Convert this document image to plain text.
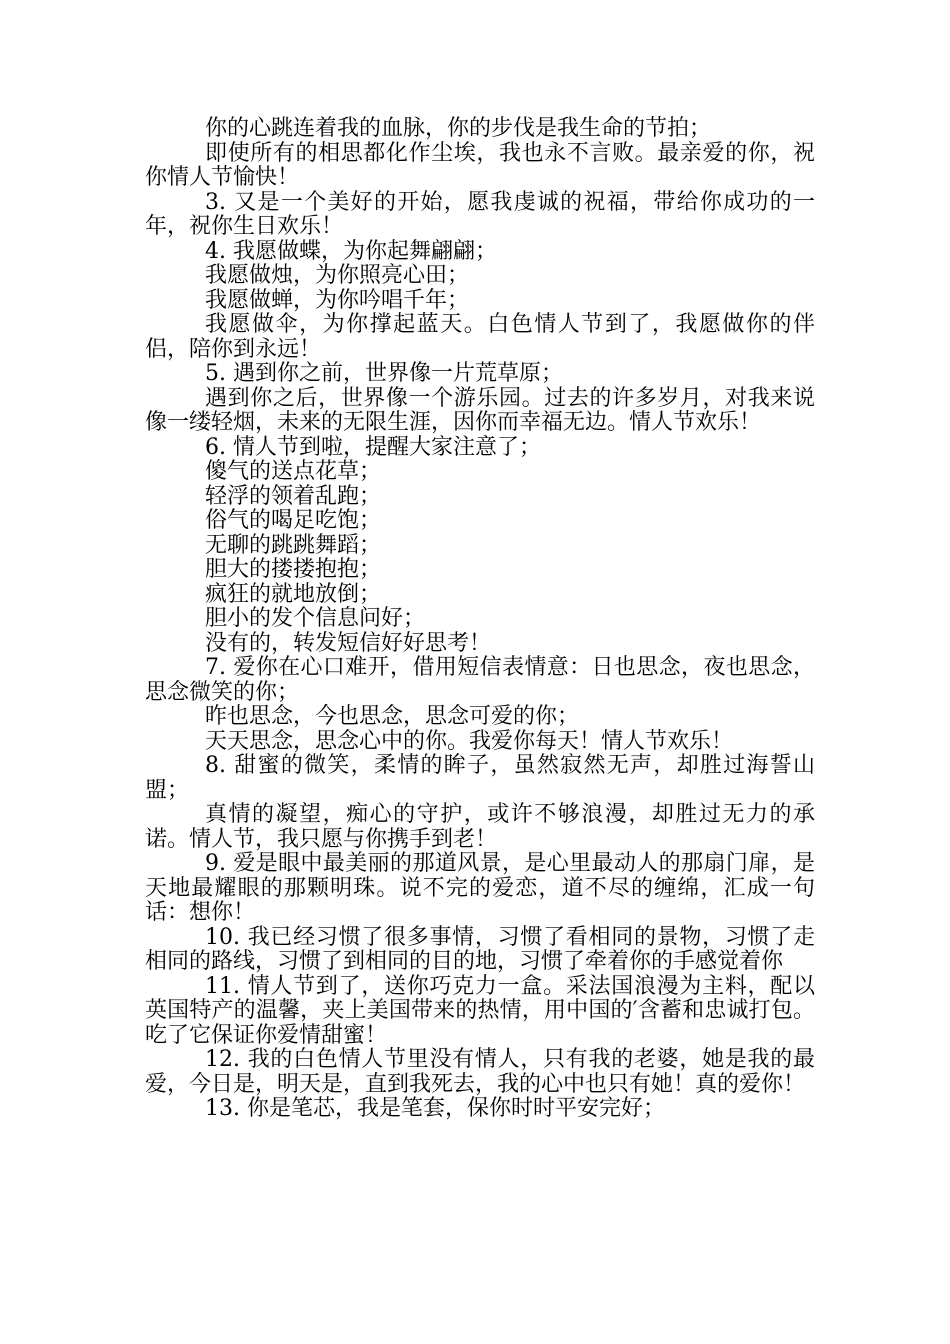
你的心跳连着我的血脉，你的步伐是我生命的节拍；

即使所有的相思都化作尘埃，我也永不言败。最亲爱的你，祝你情人节愉快！

3. 又是一个美好的开始，愿我虔诚的祝福，带给你成功的一年，祝你生日欢乐！

4. 我愿做蝶，为你起舞翩翩；

我愿做烛，为你照亮心田；

我愿做蝉，为你吟唱千年；

我愿做伞，为你撑起蓝天。白色情人节到了，我愿做你的伴侣，陪你到永远！

5. 遇到你之前，世界像一片荒草原；

遇到你之后，世界像一个游乐园。过去的许多岁月，对我来说像一缕轻烟，未来的无限生涯，因你而幸福无边。情人节欢乐！

6. 情人节到啦，提醒大家注意了；

傻气的送点花草；

轻浮的领着乱跑；

俗气的喝足吃饱；

无聊的跳跳舞蹈；

胆大的搂搂抱抱；

疯狂的就地放倒；

胆小的发个信息问好；

没有的，转发短信好好思考！

7. 爱你在心口难开，借用短信表情意：日也思念，夜也思念，思念微笑的你；

昨也思念，今也思念，思念可爱的你；

天天思念，思念心中的你。我爱你每天！情人节欢乐！

8. 甜蜜的微笑，柔情的眸子，虽然寂然无声，却胜过海誓山盟；

真情的凝望，痴心的守护，或许不够浪漫，却胜过无力的承诺。情人节，我只愿与你携手到老！

9. 爱是眼中最美丽的那道风景，是心里最动人的那扇门扉，是天地最耀眼的那颗明珠。说不完的爱恋，道不尽的缠绵，汇成一句话：想你！

10. 我已经习惯了很多事情，习惯了看相同的景物，习惯了走相同的路线，习惯了到相同的目的地，习惯了牵着你的手感觉着你

11. 情人节到了，送你巧克力一盒。采法国浪漫为主料，配以英国特产的温馨，夹上美国带来的热情，用中国的′含蓄和忠诚打包。吃了它保证你爱情甜蜜！

12. 我的白色情人节里没有情人，只有我的老婆，她是我的最爱，今日是，明天是，直到我死去，我的心中也只有她！真的爱你！

13. 你是笔芯，我是笔套，保你时时平安完好；
